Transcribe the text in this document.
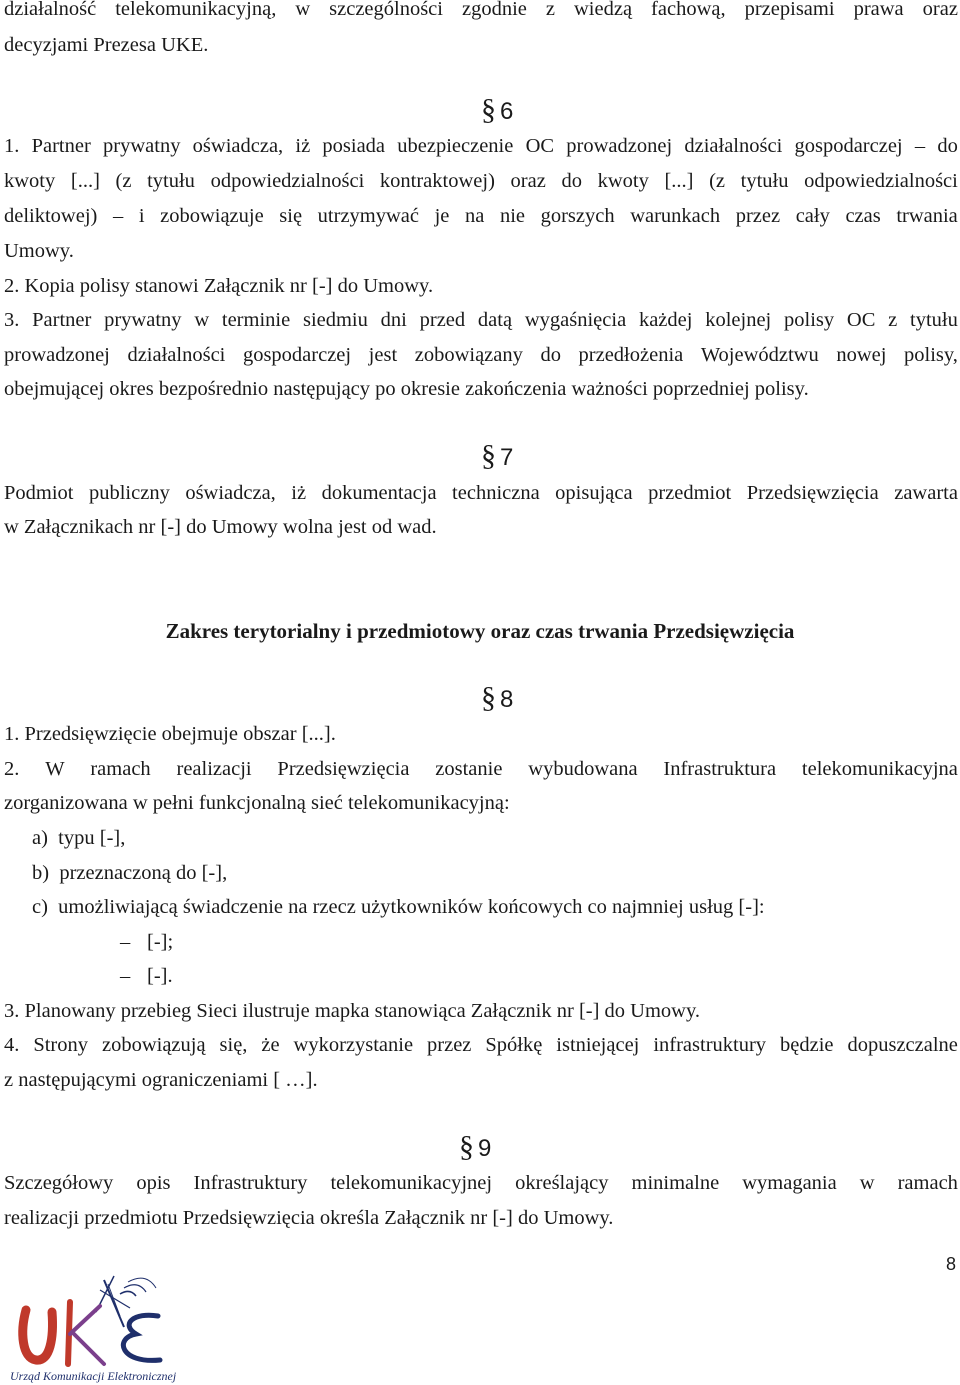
działalność telekomunikacyjną, w szczególności zgodnie z wiedzą fachową, przepisami prawa oraz
decyzjami Prezesa UKE.
§ 6
1. Partner prywatny oświadcza, iż posiada ubezpieczenie OC prowadzonej działalności gospodarczej – do
kwoty [...] (z tytułu odpowiedzialności kontraktowej) oraz do kwoty [...] (z tytułu odpowiedzialności
deliktowej) – i zobowiązuje się utrzymywać je na nie gorszych warunkach przez cały czas trwania
Umowy.
2. Kopia polisy stanowi Załącznik nr [-] do Umowy.
3. Partner prywatny w terminie siedmiu dni przed datą wygaśnięcia każdej kolejnej polisy OC z tytułu
prowadzonej działalności gospodarczej jest zobowiązany do przedłożenia Województwu nowej polisy,
obejmującej okres bezpośrednio następujący po okresie zakończenia ważności poprzedniej polisy.
§ 7
Podmiot publiczny oświadcza, iż dokumentacja techniczna opisująca przedmiot Przedsięwzięcia zawarta
w Załącznikach nr [-] do Umowy wolna jest od wad.
Zakres terytorialny i przedmiotowy oraz czas trwania Przedsięwzięcia
§ 8
1. Przedsięwzięcie obejmuje obszar [...].
2. W ramach realizacji Przedsięwzięcia zostanie wybudowana Infrastruktura telekomunikacyjna
zorganizowana w pełni funkcjonalną sieć telekomunikacyjną:
a)  typu [-],
b)  przeznaczoną do [-],
c)  umożliwiającą świadczenie na rzecz użytkowników końcowych co najmniej usług [-]:
– [-];
– [-].
3. Planowany przebieg Sieci ilustruje mapka stanowiąca Załącznik nr [-] do Umowy.
4. Strony zobowiązują się, że wykorzystanie przez Spółkę istniejącej infrastruktury będzie dopuszczalne
z następującymi ograniczeniami [ …].
§ 9
Szczegółowy opis Infrastruktury telekomunikacyjnej określający minimalne wymagania w ramach
realizacji przedmiotu Przedsięwzięcia określa Załącznik nr [-] do Umowy.
8
Urząd Komunikacji Elektronicznej
